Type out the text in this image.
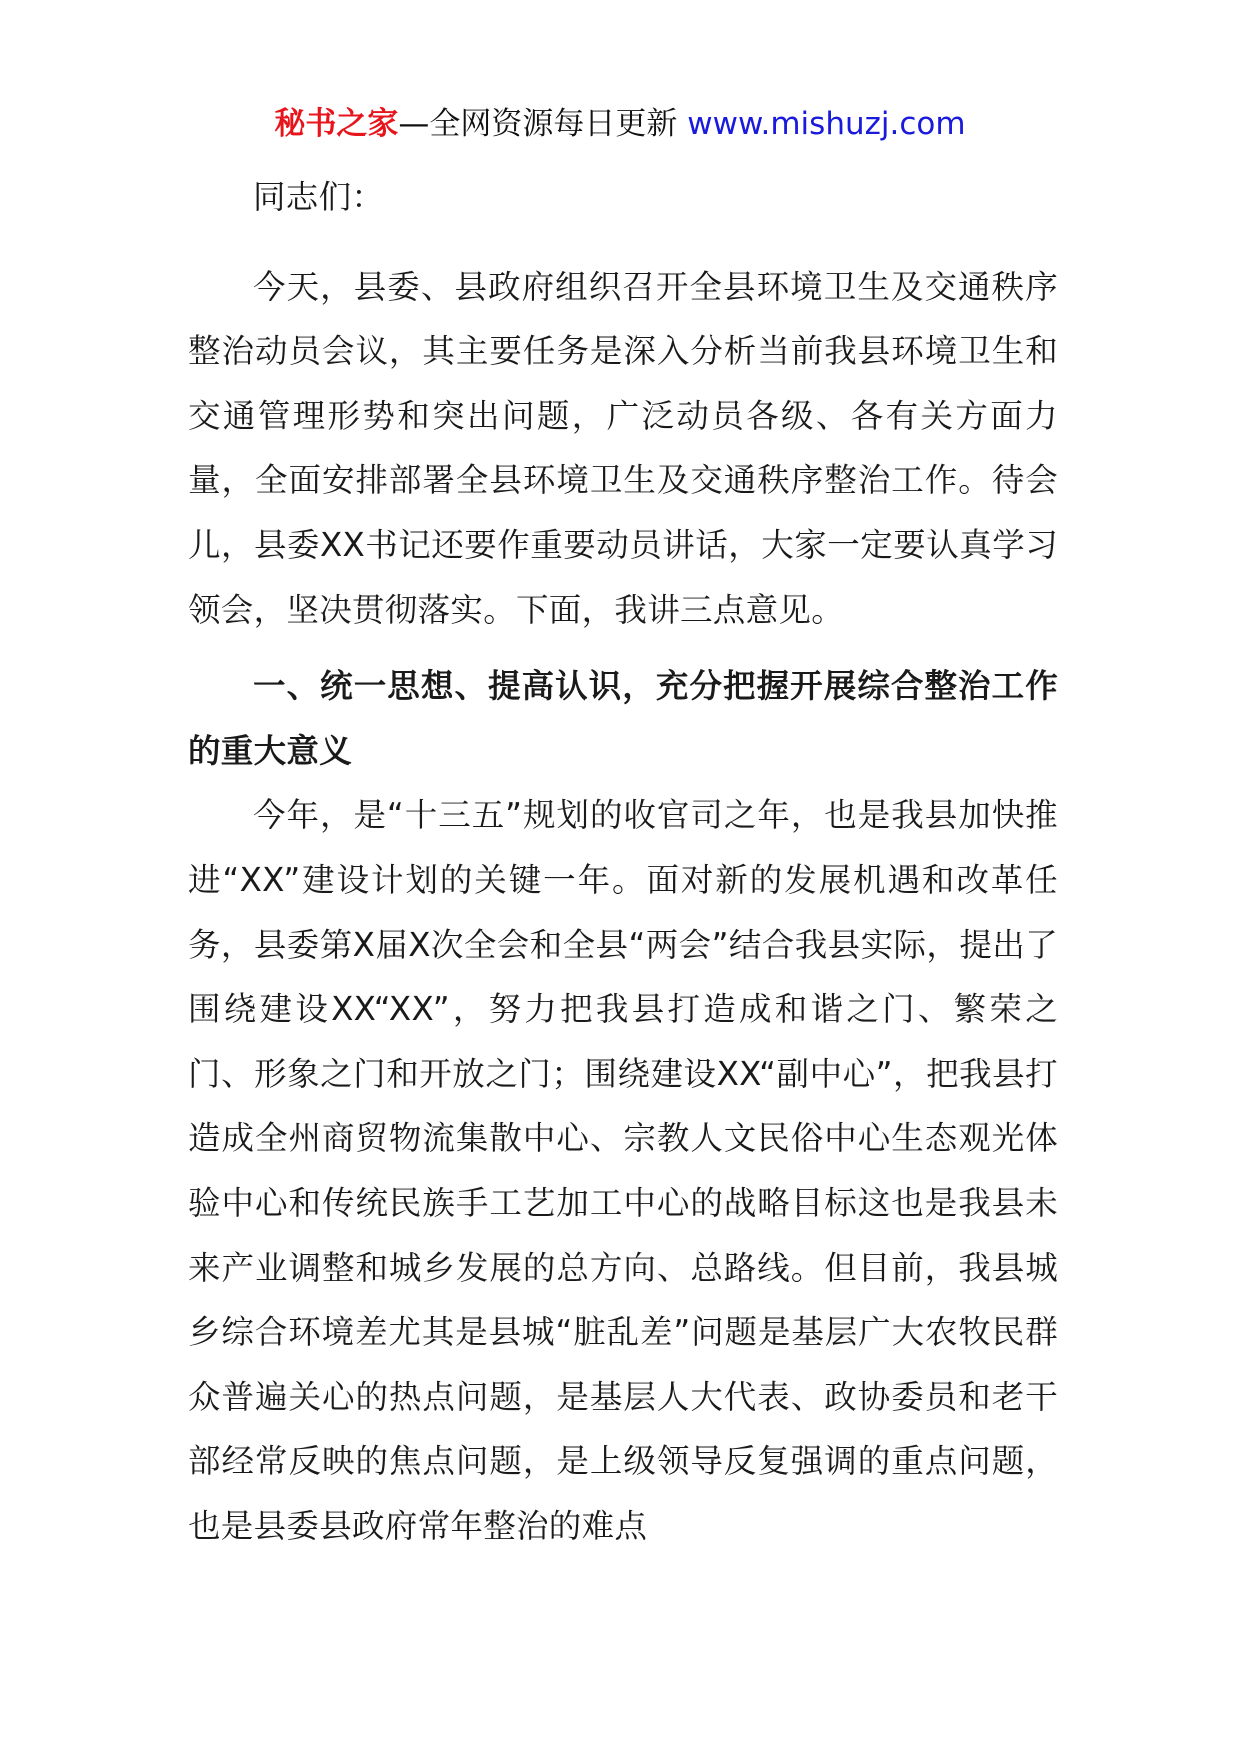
秘书之家—全网资源每日更新 www.mishuzj.com

同志们：

今天，县委、县政府组织召开全县环境卫生及交通秩序整治动员会议，其主要任务是深入分析当前我县环境卫生和交通管理形势和突出问题，广泛动员各级、各有关方面力量，全面安排部署全县环境卫生及交通秩序整治工作。待会儿，县委XX书记还要作重要动员讲话，大家一定要认真学习领会，坚决贯彻落实。下面，我讲三点意见。

一、统一思想、提高认识，充分把握开展综合整治工作的重大意义

今年，是“十三五”规划的收官司之年，也是我县加快推进“XX”建设计划的关键一年。面对新的发展机遇和改革任务，县委第X届X次全会和全县“两会”结合我县实际，提出了围绕建设XX“XX”，努力把我县打造成和谐之门、繁荣之门、形象之门和开放之门；围绕建设XX“副中心”，把我县打造成全州商贸物流集散中心、宗教人文民俗中心生态观光体验中心和传统民族手工艺加工中心的战略目标这也是我县未来产业调整和城乡发展的总方向、总路线。但目前，我县城乡综合环境差尤其是县城“脏乱差”问题是基层广大农牧民群众普遍关心的热点问题，是基层人大代表、政协委员和老干部经常反映的焦点问题，是上级领导反复强调的重点问题，也是县委县政府常年整治的难点
